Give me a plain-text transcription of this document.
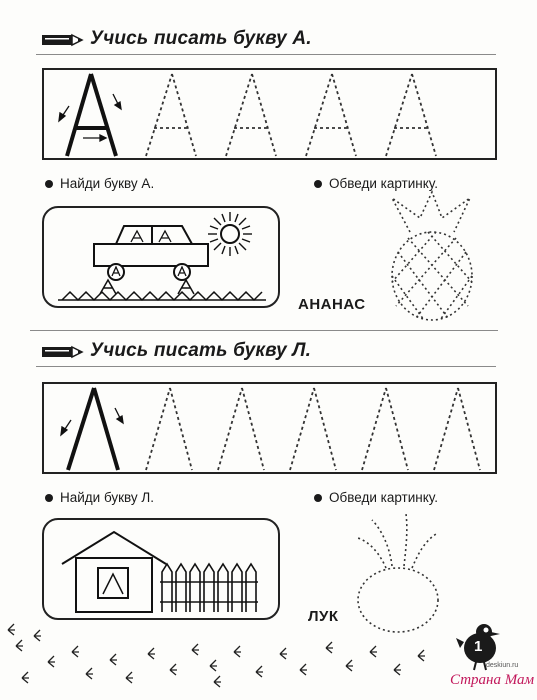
Учись писать букву А.
Найди букву А.	Обведи картинку.
АНАНАС
Учись писать букву Л.
Найди букву Л.	Обведи картинку.
ЛУК
1
Страна Мам
deskiun.ru
